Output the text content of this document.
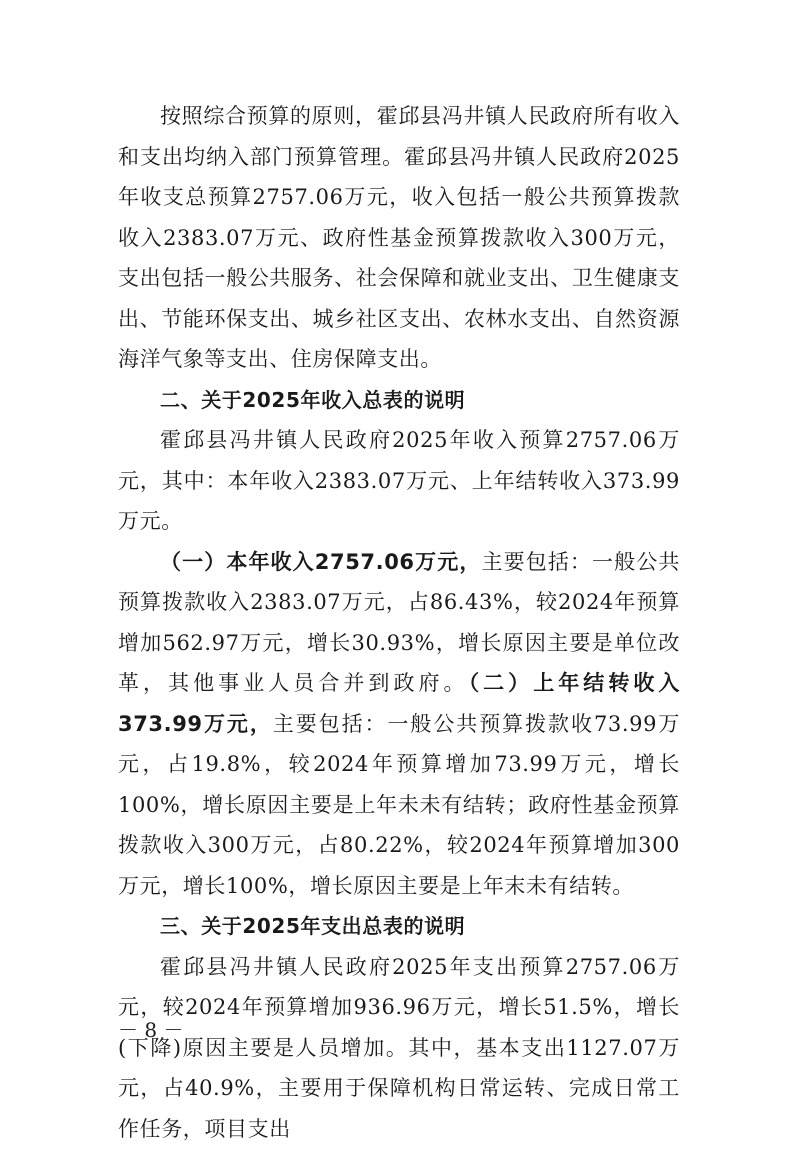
按照综合预算的原则，霍邱县冯井镇人民政府所有收入和支出均纳入部门预算管理。霍邱县冯井镇人民政府2025年收支总预算2757.06万元，收入包括一般公共预算拨款收入2383.07万元、政府性基金预算拨款收入300万元，支出包括一般公共服务、社会保障和就业支出、卫生健康支出、节能环保支出、城乡社区支出、农林水支出、自然资源海洋气象等支出、住房保障支出。

二、关于2025年收入总表的说明

霍邱县冯井镇人民政府2025年收入预算2757.06万元，其中：本年收入2383.07万元、上年结转收入373.99万元。

（一）本年收入2757.06万元，主要包括：一般公共预算拨款收入2383.07万元，占86.43%，较2024年预算增加562.97万元，增长30.93%，增长原因主要是单位改革，其他事业人员合并到政府。（二）上年结转收入373.99万元，主要包括：一般公共预算拨款收73.99万元，占19.8%，较2024年预算增加73.99万元，增长100%，增长原因主要是上年未未有结转；政府性基金预算拨款收入300万元，占80.22%，较2024年预算增加300万元，增长100%，增长原因主要是上年末未有结转。

三、关于2025年支出总表的说明

霍邱县冯井镇人民政府2025年支出预算2757.06万元，较2024年预算增加936.96万元，增长51.5%，增长(下降)原因主要是人员增加。其中，基本支出1127.07万元，占40.9%，主要用于保障机构日常运转、完成日常工作任务，项目支出

－ 8 －
